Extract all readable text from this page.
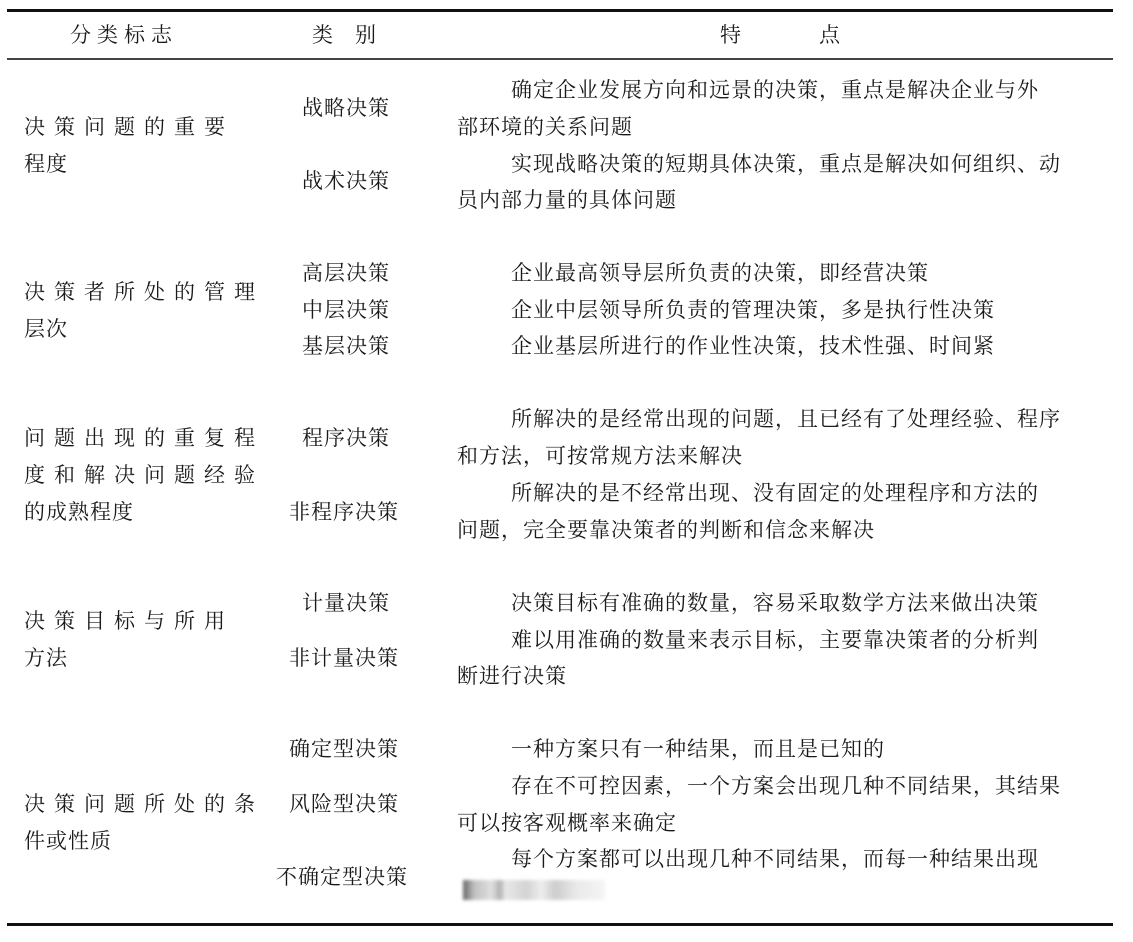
分类标志	类别	特点
决策问题的重要
程度
战略决策
战术决策
确定企业发展方向和远景的决策，重点是解决企业与外
部环境的关系问题
实现战略决策的短期具体决策，重点是解决如何组织、动
员内部力量的具体问题
决策者所处的管理
层次
高层决策
中层决策
基层决策
企业最高领导层所负责的决策，即经营决策
企业中层领导所负责的管理决策，多是执行性决策
企业基层所进行的作业性决策，技术性强、时间紧
问题出现的重复程
度和解决问题经验
的成熟程度
程序决策
非程序决策
所解决的是经常出现的问题，且已经有了处理经验、程序
和方法，可按常规方法来解决
所解决的是不经常出现、没有固定的处理程序和方法的
问题，完全要靠决策者的判断和信念来解决
决策目标与所用
方法
计量决策
非计量决策
决策目标有准确的数量，容易采取数学方法来做出决策
难以用准确的数量来表示目标，主要靠决策者的分析判
断进行决策
决策问题所处的条
件或性质
确定型决策
风险型决策
不确定型决策
一种方案只有一种结果，而且是已知的
存在不可控因素，一个方案会出现几种不同结果，其结果
可以按客观概率来确定
每个方案都可以出现几种不同结果，而每一种结果出现
